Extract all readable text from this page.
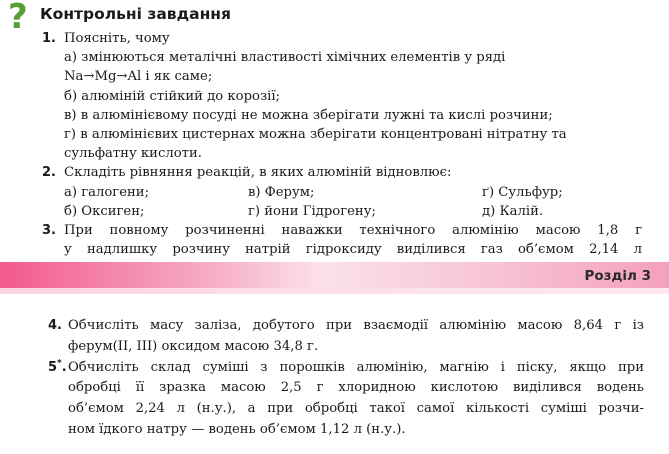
? Контрольні завдання
1. Поясніть, чому
а) змінюються металічні властивості хімічних елементів у ряді
Na→Mg→Al і як саме;
б) алюміній стійкий до корозії;
в) в алюмінієвому посуді не можна зберігати лужні та кислі розчини;
г) в алюмінієвих цистернах можна зберігати концентровані нітратну та
сульфатну кислоти.
2. Складіть рівняння реакцій, в яких алюміній відновлює:
а) галогени;	в) Ферум;	ґ) Сульфур;
б) Оксиген;	г) йони Гідрогену;	д) Калій.
3. При повному розчиненні наважки технічного алюмінію масою 1,8 г
у надлишку розчину натрій гідроксиду виділився газ об’ємом 2,14 л
Розділ 3
4. Обчисліть масу заліза, добутого при взаємодії алюмінію масою 8,64 г із
ферум(ІІ, ІІІ) оксидом масою 34,8 г.
5*. Обчисліть склад суміші з порошків алюмінію, магнію і піску, якщо при
обробці її зразка масою 2,5 г хлоридною кислотою виділився водень
об’ємом 2,24 л (н.у.), а при обробці такої самої кількості суміші розчи-
ном їдкого натру — водень об’ємом 1,12 л (н.у.).
